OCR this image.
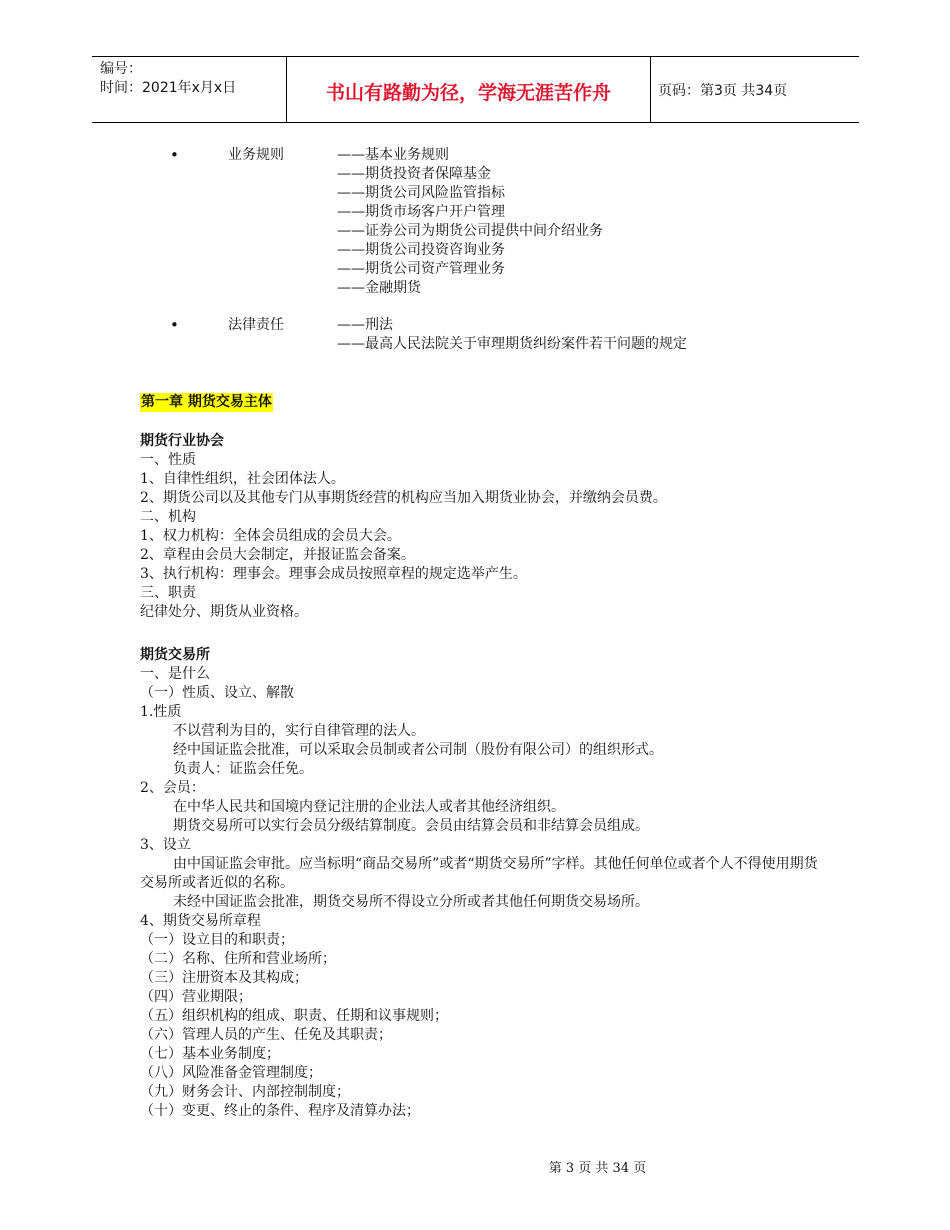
编号：
时间：2021年x月x日	书山有路勤为径，学海无涯苦作舟	页码：第3页 共34页
•	业务规则	——基本业务规则
——期货投资者保障基金
——期货公司风险监管指标
——期货市场客户开户管理
——证券公司为期货公司提供中间介绍业务
——期货公司投资咨询业务
——期货公司资产管理业务
——金融期货
•	法律责任	——刑法
——最高人民法院关于审理期货纠纷案件若干问题的规定
第一章 期货交易主体
期货行业协会
一、性质
1、自律性组织，社会团体法人。
2、期货公司以及其他专门从事期货经营的机构应当加入期货业协会，并缴纳会员费。
二、机构
1、权力机构：全体会员组成的会员大会。
2、章程由会员大会制定，并报证监会备案。
3、执行机构：理事会。理事会成员按照章程的规定选举产生。
三、职责
纪律处分、期货从业资格。
期货交易所
一、是什么
（一）性质、设立、解散
1.性质
不以营利为目的，实行自律管理的法人。
经中国证监会批准，可以采取会员制或者公司制（股份有限公司）的组织形式。
负责人：证监会任免。
2、会员：
在中华人民共和国境内登记注册的企业法人或者其他经济组织。
期货交易所可以实行会员分级结算制度。会员由结算会员和非结算会员组成。
3、设立
由中国证监会审批。应当标明“商品交易所”或者“期货交易所”字样。其他任何单位或者个人不得使用期货交易所或者近似的名称。
未经中国证监会批准，期货交易所不得设立分所或者其他任何期货交易场所。
4、期货交易所章程
（一）设立目的和职责；
（二）名称、住所和营业场所；
（三）注册资本及其构成；
（四）营业期限；
（五）组织机构的组成、职责、任期和议事规则；
（六）管理人员的产生、任免及其职责；
（七）基本业务制度；
（八）风险准备金管理制度；
（九）财务会计、内部控制制度；
（十）变更、终止的条件、程序及清算办法；
第 3 页 共 34 页
